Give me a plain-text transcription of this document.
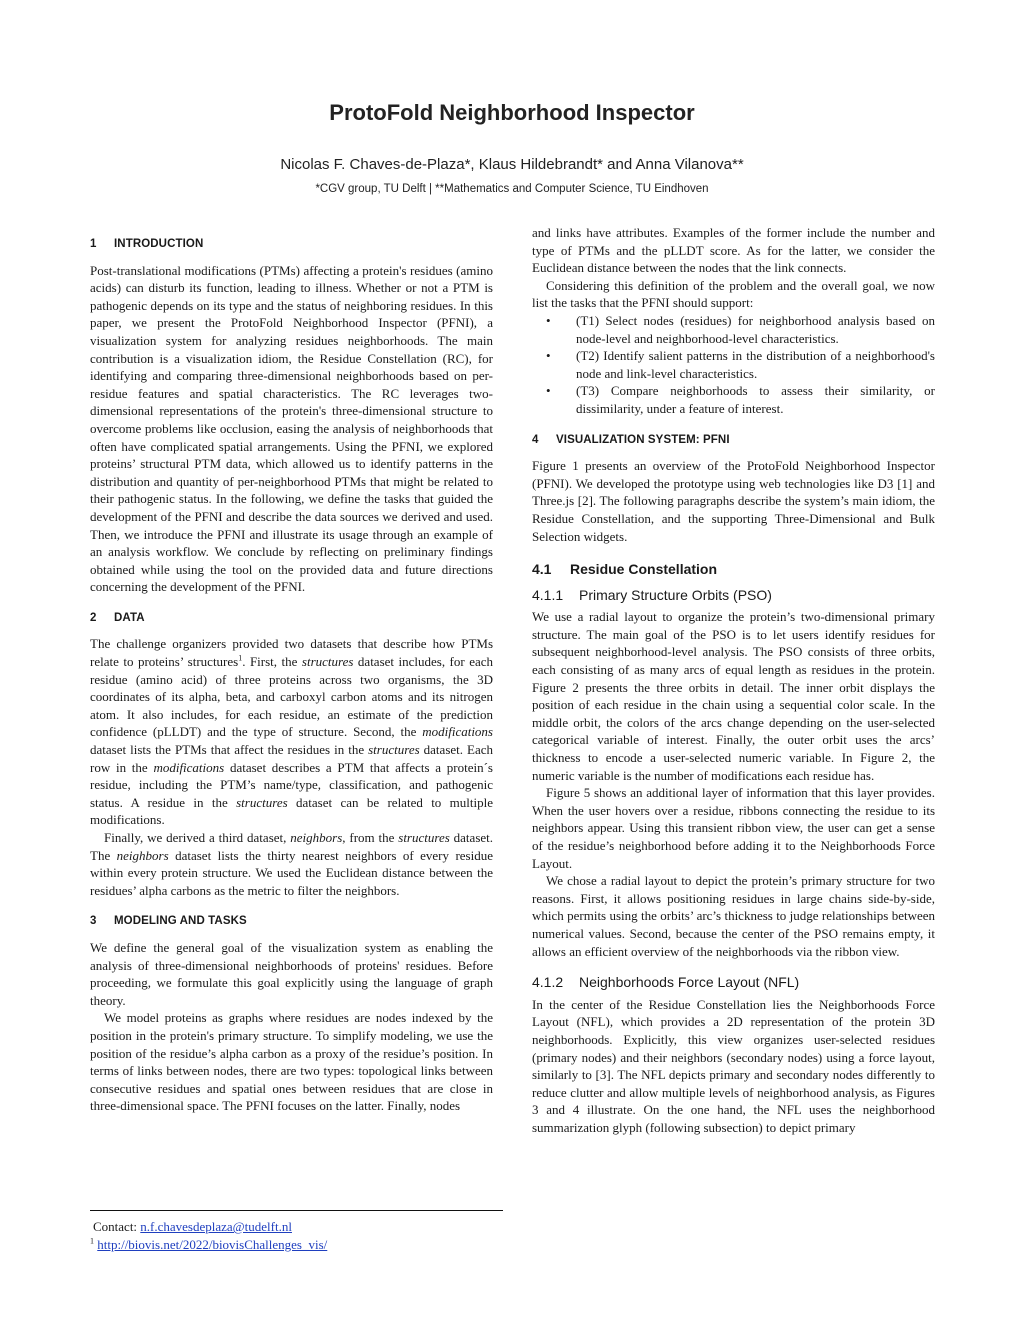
ProtoFold Neighborhood Inspector
Nicolas F. Chaves-de-Plaza*, Klaus Hildebrandt* and Anna Vilanova**
*CGV group, TU Delft | **Mathematics and Computer Science, TU Eindhoven
1 INTRODUCTION

Post-translational modifications (PTMs) affecting a protein's residues (amino acids) can disturb its function, leading to illness. Whether or not a PTM is pathogenic depends on its type and the status of neighboring residues. In this paper, we present the ProtoFold Neighborhood Inspector (PFNI), a visualization system for analyzing residues neighborhoods. The main contribution is a visualization idiom, the Residue Constellation (RC), for identifying and comparing three-dimensional neighborhoods based on per-residue features and spatial characteristics. The RC leverages two-dimensional representations of the protein's three-dimensional structure to overcome problems like occlusion, easing the analysis of neighborhoods that often have complicated spatial arrangements. Using the PFNI, we explored proteins’ structural PTM data, which allowed us to identify patterns in the distribution and quantity of per-neighborhood PTMs that might be related to their pathogenic status. In the following, we define the tasks that guided the development of the PFNI and describe the data sources we derived and used. Then, we introduce the PFNI and illustrate its usage through an example of an analysis workflow. We conclude by reflecting on preliminary findings obtained while using the tool on the provided data and future directions concerning the development of the PFNI.

2 DATA

The challenge organizers provided two datasets that describe how PTMs relate to proteins’ structures$^1$. First, the structures dataset includes, for each residue (amino acid) of three proteins across two organisms, the 3D coordinates of its alpha, beta, and carboxyl carbon atoms and its nitrogen atom. It also includes, for each residue, an estimate of the prediction confidence (pLLDT) and the type of structure. Second, the modifications dataset lists the PTMs that affect the residues in the structures dataset. Each row in the modifications dataset describes a PTM that affects a protein´s residue, including the PTM’s name/type, classification, and pathogenic status. A residue in the structures dataset can be related to multiple modifications.

Finally, we derived a third dataset, neighbors, from the structures dataset. The neighbors dataset lists the thirty nearest neighbors of every residue within every protein structure. We used the Euclidean distance between the residues’ alpha carbons as the metric to filter the neighbors.

3 MODELING AND TASKS

We define the general goal of the visualization system as enabling the analysis of three-dimensional neighborhoods of proteins' residues. Before proceeding, we formulate this goal explicitly using the language of graph theory.

We model proteins as graphs where residues are nodes indexed by the position in the protein's primary structure. To simplify modeling, we use the position of the residue’s alpha carbon as a proxy of the residue’s position. In terms of links between nodes, there are two types: topological links between consecutive residues and spatial ones between residues that are close in three-dimensional space. The PFNI focuses on the latter. Finally, nodes

and links have attributes. Examples of the former include the number and type of PTMs and the pLLDT score. As for the latter, we consider the Euclidean distance between the nodes that the link connects.

Considering this definition of the problem and the overall goal, we now list the tasks that the PFNI should support:

• (T1) Select nodes (residues) for neighborhood analysis based on node-level and neighborhood-level characteristics.
• (T2) Identify salient patterns in the distribution of a neighborhood's node and link-level characteristics.
• (T3) Compare neighborhoods to assess their similarity, or dissimilarity, under a feature of interest.
4 VISUALIZATION SYSTEM: PFNI

Figure 1 presents an overview of the ProtoFold Neighborhood Inspector (PFNI). We developed the prototype using web technologies like D3 [1] and Three.js [2]. The following paragraphs describe the system’s main idiom, the Residue Constellation, and the supporting Three-Dimensional and Bulk Selection widgets.

4.1 Residue Constellation
4.1.1 Primary Structure Orbits (PSO)

We use a radial layout to organize the protein’s two-dimensional primary structure. The main goal of the PSO is to let users identify residues for subsequent neighborhood-level analysis. The PSO consists of three orbits, each consisting of as many arcs of equal length as residues in the protein. Figure 2 presents the three orbits in detail. The inner orbit displays the position of each residue in the chain using a sequential color scale. In the middle orbit, the colors of the arcs change depending on the user-selected categorical variable of interest. Finally, the outer orbit uses the arcs’ thickness to encode a user-selected numeric variable. In Figure 2, the numeric variable is the number of modifications each residue has.

Figure 5 shows an additional layer of information that this layer provides. When the user hovers over a residue, ribbons connecting the residue to its neighbors appear. Using this transient ribbon view, the user can get a sense of the residue’s neighborhood before adding it to the Neighborhoods Force Layout.

We chose a radial layout to depict the protein’s primary structure for two reasons. First, it allows positioning residues in large chains side-by-side, which permits using the orbits’ arc’s thickness to judge relationships between numerical values. Second, because the center of the PSO remains empty, it allows an efficient overview of the neighborhoods via the ribbon view.

4.1.2 Neighborhoods Force Layout (NFL)

In the center of the Residue Constellation lies the Neighborhoods Force Layout (NFL), which provides a 2D representation of the protein 3D neighborhoods. Explicitly, this view organizes user-selected residues (primary nodes) and their neighbors (secondary nodes) using a force layout, similarly to [3]. The NFL depicts primary and secondary nodes differently to reduce clutter and allow multiple levels of neighborhood analysis, as Figures 3 and 4 illustrate. On the one hand, the NFL uses the neighborhood summarization glyph (following subsection) to depict primary

Contact: n.f.chavesdeplaza@tudelft.nl
$^1$ http://biovis.net/2022/biovisChallenges_vis/
